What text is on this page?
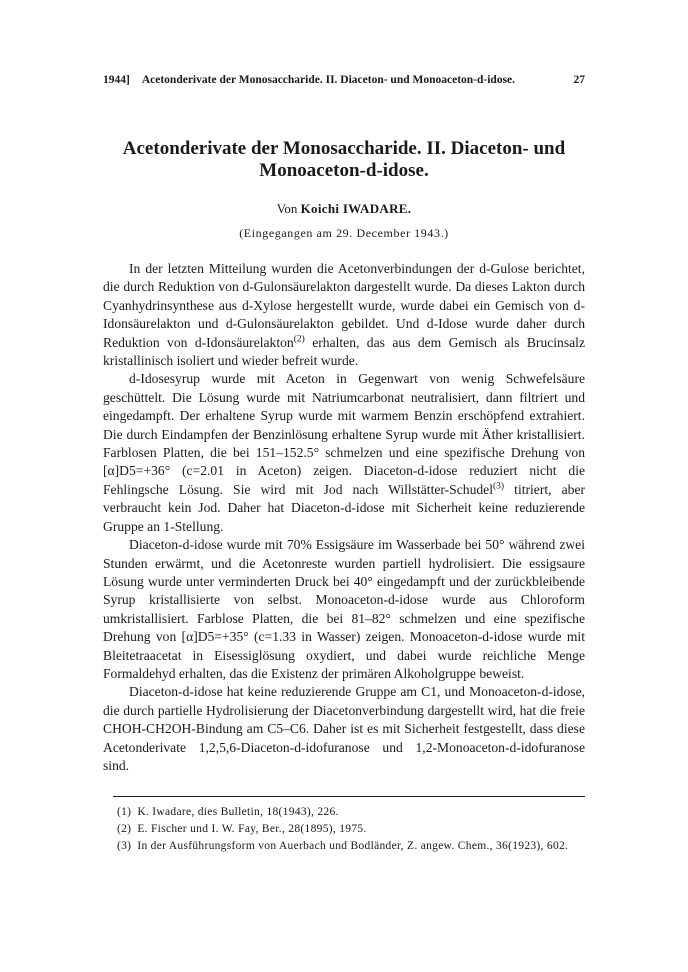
1944] Acetonderivate der Monosaccharide. II. Diaceton- und Monoaceton-d-idose.	27
Acetonderivate der Monosaccharide. II. Diaceton- und
Monoaceton-d-idose.
Von Koichi IWADARE.
(Eingegangen am 29. December 1943.)

In der letzten Mitteilung wurden die Acetonverbindungen der d-Gulose berichtet, die durch Reduktion von d-Gulonsäurelakton dargestellt wurde. Da dieses Lakton durch Cyanhydrinsynthese aus d-Xylose hergestellt wurde, wurde dabei ein Gemisch von d-Idonsäurelakton und d-Gulonsäurelakton gebildet. Und d-Idose wurde daher durch Reduktion von d-Idonsäurelakton$^{(2)}$ erhalten, das aus dem Gemisch als Brucinsalz kristallinisch isoliert und wieder befreit wurde.

d-Idosesyrup wurde mit Aceton in Gegenwart von wenig Schwefelsäure geschüttelt. Die Lösung wurde mit Natriumcarbonat neutralisiert, dann filtriert und eingedampft. Der erhaltene Syrup wurde mit warmem Benzin erschöpfend extrahiert. Die durch Eindampfen der Benzinlösung erhaltene Syrup wurde mit Äther kristallisiert. Farblosen Platten, die bei 151–152.5° schmelzen und eine spezifische Drehung von [α]D5=+36° (c=2.01 in Aceton) zeigen. Diaceton-d-idose reduziert nicht die Fehlingsche Lösung. Sie wird mit Jod nach Willstätter-Schudel$^{(3)}$ titriert, aber verbraucht kein Jod. Daher hat Diaceton-d-idose mit Sicherheit keine reduzierende Gruppe an 1-Stellung.

Diaceton-d-idose wurde mit 70% Essigsäure im Wasserbade bei 50° während zwei Stunden erwärmt, und die Acetonreste wurden partiell hydrolisiert. Die essigsaure Lösung wurde unter verminderten Druck bei 40° eingedampft und der zurückbleibende Syrup kristallisierte von selbst. Monoaceton-d-idose wurde aus Chloroform umkristallisiert. Farblose Platten, die bei 81–82° schmelzen und eine spezifische Drehung von [α]D5=+35° (c=1.33 in Wasser) zeigen. Monoaceton-d-idose wurde mit Bleitetraacetat in Eisessiglösung oxydiert, und dabei wurde reichliche Menge Formaldehyd erhalten, das die Existenz der primären Alkoholgruppe beweist.

Diaceton-d-idose hat keine reduzierende Gruppe am C1, und Monoaceton-d-idose, die durch partielle Hydrolisierung der Diacetonverbindung dargestellt wird, hat die freie CHOH-CH2OH-Bindung am C5–C6. Daher ist es mit Sicherheit festgestellt, dass diese Acetonderivate 1,2,5,6-Diaceton-d-idofuranose und 1,2-Monoaceton-d-idofuranose sind.

(1) K. Iwadare, dies Bulletin, 18(1943), 226.

(2) E. Fischer und I. W. Fay, Ber., 28(1895), 1975.

(3) In der Ausführungsform von Auerbach und Bodländer, Z. angew. Chem., 36(1923), 602.
